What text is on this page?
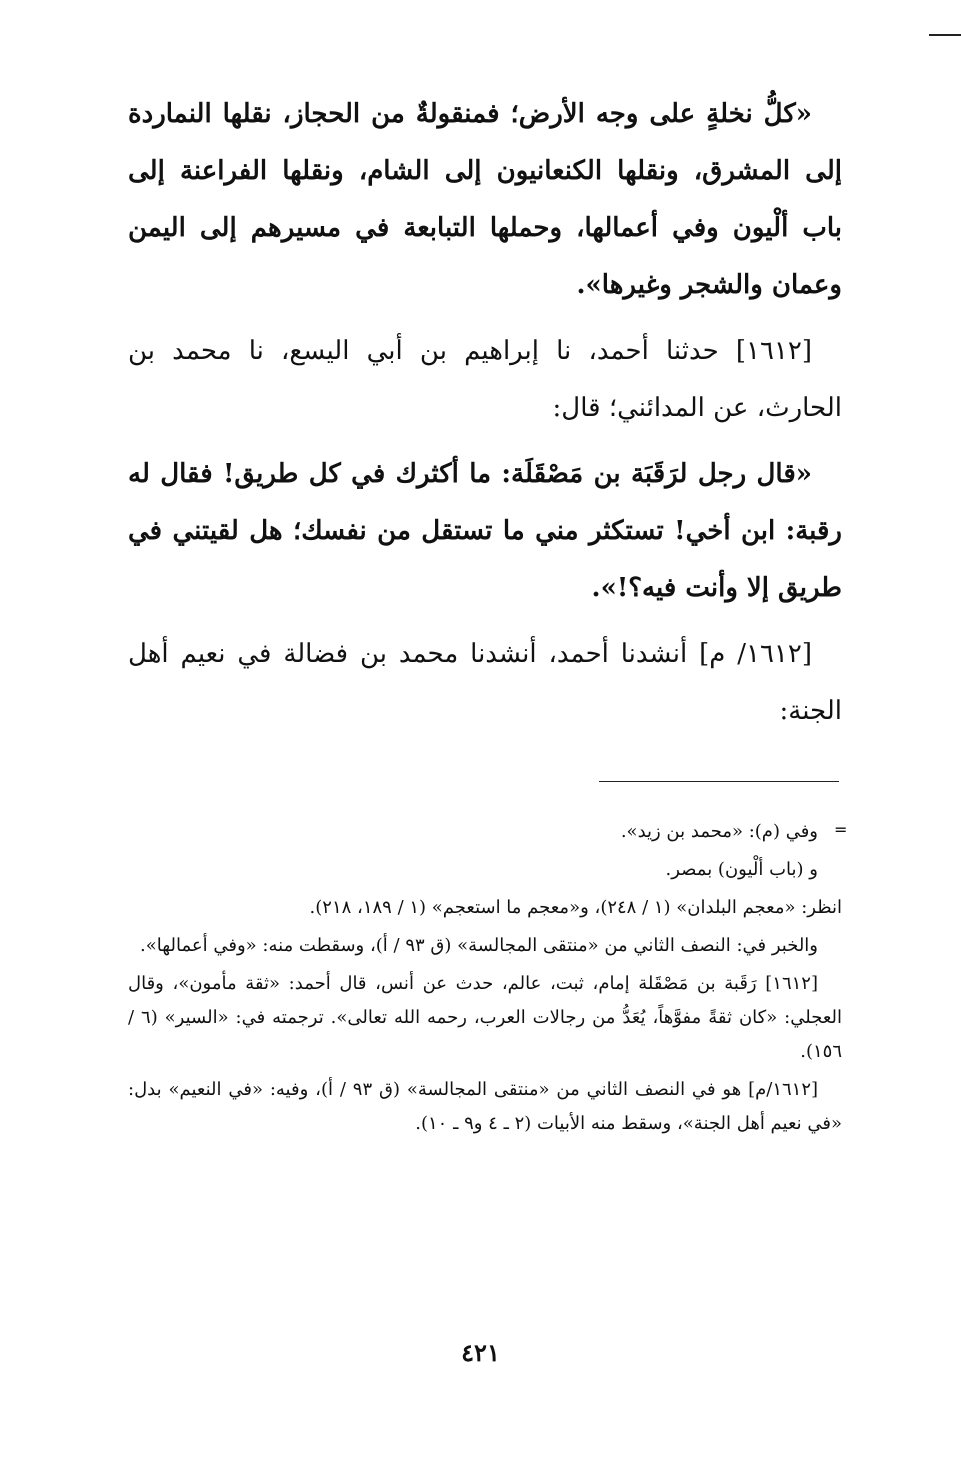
«كلُّ نخلةٍ على وجه الأرض؛ فمنقولةٌ من الحجاز، نقلها النماردة إلى المشرق، ونقلها الكنعانيون إلى الشام، ونقلها الفراعنة إلى باب ألْيون وفي أعمالها، وحملها التبابعة في مسيرهم إلى اليمن وعمان والشجر وغيرها».

[١٦١٢] حدثنا أحمد، نا إبراهيم بن أبي اليسع، نا محمد بن الحارث، عن المدائني؛ قال:

«قال رجل لرَقَبَة بن مَصْقَلَة: ما أكثرك في كل طريق! فقال له رقبة: ابن أخي! تستكثر مني ما تستقل من نفسك؛ هل لقيتني في طريق إلا وأنت فيه؟!».

[١٦١٢/ م] أنشدنا أحمد، أنشدنا محمد بن فضالة في نعيم أهل الجنة:

=

وفي (م): «محمد بن زيد».

و (باب ألْيون) بمصر.

انظر: «معجم البلدان» (١ / ٢٤٨)، و«معجم ما استعجم» (١ / ١٨٩، ٢١٨).

والخبر في: النصف الثاني من «منتقى المجالسة» (ق ٩٣ / أ)، وسقطت منه: «وفي أعمالها».

[١٦١٢] رَقَبة بن مَصْقَلة إمام، ثبت، عالم، حدث عن أنس، قال أحمد: «ثقة مأمون»، وقال العجلي: «كان ثقةً مفوَّهاً، يُعَدُّ من رجالات العرب، رحمه الله تعالى». ترجمته في: «السير» (٦ / ١٥٦).

[١٦١٢/م] هو في النصف الثاني من «منتقى المجالسة» (ق ٩٣ / أ)، وفيه: «في النعيم» بدل: «في نعيم أهل الجنة»، وسقط منه الأبيات (٢ ـ ٤ و٩ ـ ١٠).

٤٢١
